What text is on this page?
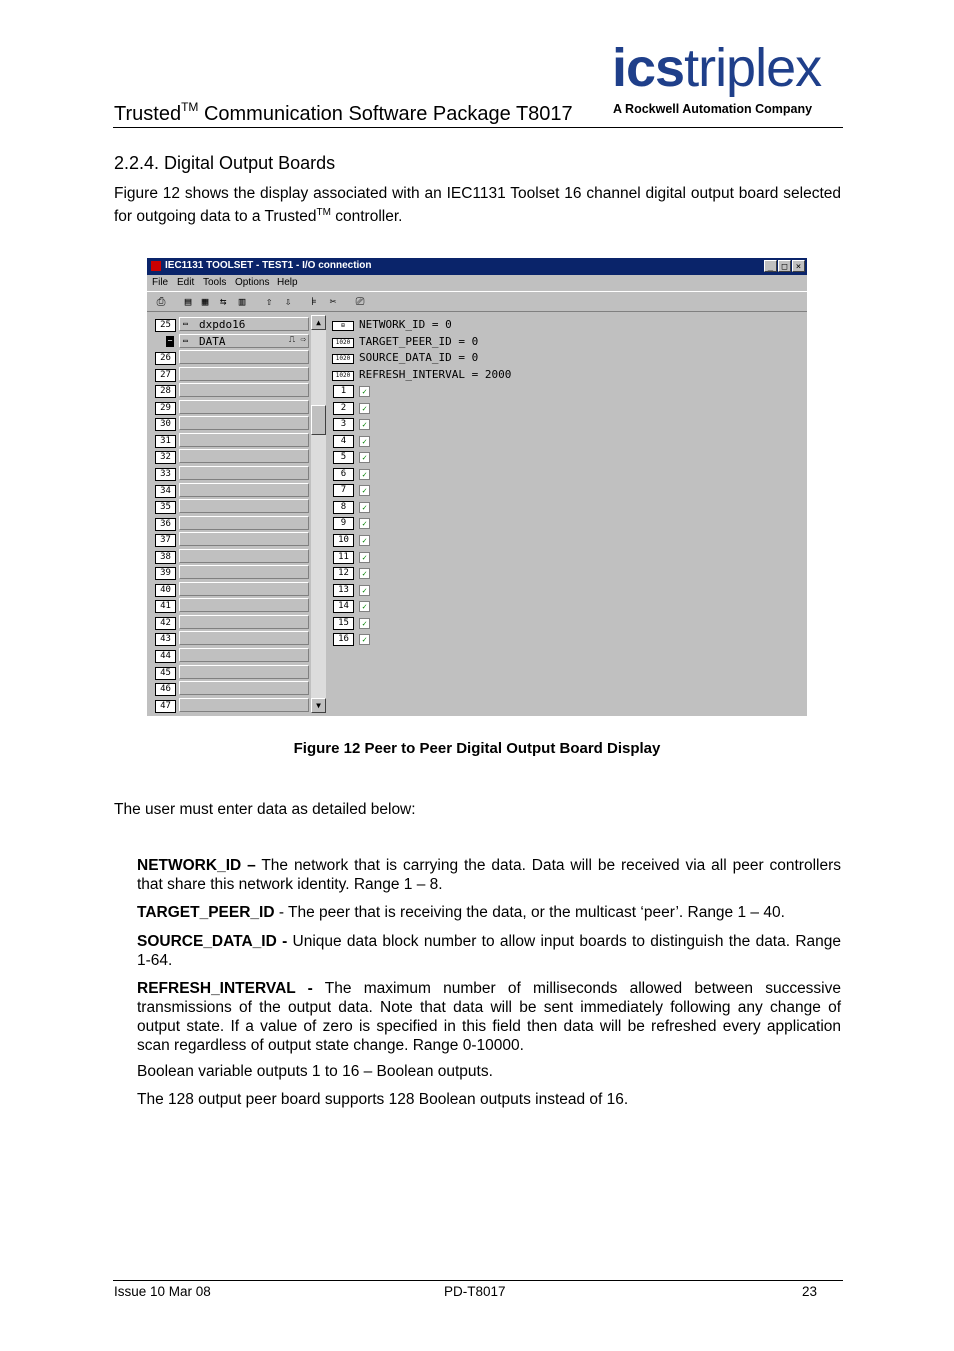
Trusted™ Communication Software Package T8017
icstriplex
A Rockwell Automation Company
2.2.4. Digital Output Boards
Figure 12 shows the display associated with an IEC1131 Toolset 16 channel digital output board selected for outgoing data to a Trusted™ controller.
IEC1131 TOOLSET - TEST1 - I/O connection	_ □ ×
File Edit Tools Options Help
⎙ ▤ ▦ ⇆ ▥ ⇧ ⇩ ⊧ ✂ ⎚
25	▭ dxpdo16
− ▭ DATA	⎍ ⇨
26
27
28
29
30
31
32
33
34
35
36
37
38
39
40
41
42
43
44
45
46
47
▲
▼
⊞	NETWORK_ID = 0
1020 TARGET_PEER_ID = 0
1020 SOURCE_DATA_ID = 0
1020 REFRESH_INTERVAL = 2000
1	✓
2	✓
3	✓
4	✓
5	✓
6	✓
7	✓
8	✓
9	✓
10	✓
11	✓
12	✓
13	✓
14	✓
15	✓
16	✓
Figure 12 Peer to Peer Digital Output Board Display
The user must enter data as detailed below:
NETWORK_ID – The network that is carrying the data. Data will be received via all peer controllers that share this network identity. Range 1 – 8.
TARGET_PEER_ID - The peer that is receiving the data, or the multicast ‘peer’. Range 1 – 40.
SOURCE_DATA_ID - Unique data block number to allow input boards to distinguish the data. Range 1-64.
REFRESH_INTERVAL - The maximum number of milliseconds allowed between successive transmissions of the output data. Note that data will be sent immediately following any change of output state. If a value of zero is specified in this field then data will be refreshed every application scan regardless of output state change. Range 0-10000.
Boolean variable outputs 1 to 16 – Boolean outputs.
The 128 output peer board supports 128 Boolean outputs instead of 16.
Issue 10 Mar 08	PD-T8017	23
